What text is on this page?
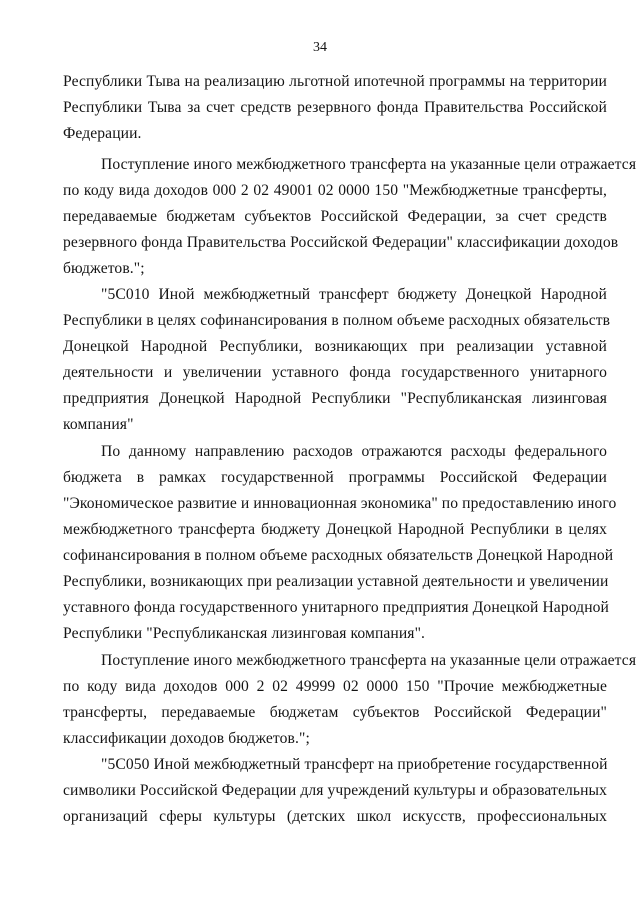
34
Республики Тыва на реализацию льготной ипотечной программы на территории
Республики Тыва за счет средств резервного фонда Правительства Российской
Федерации.
Поступление иного межбюджетного трансферта на указанные цели отражается
по коду вида доходов 000 2 02 49001 02 0000 150 "Межбюджетные трансферты,
передаваемые бюджетам субъектов Российской Федерации, за счет средств
резервного фонда Правительства Российской Федерации" классификации доходов
бюджетов.";
"5С010 Иной межбюджетный трансферт бюджету Донецкой Народной
Республики в целях софинансирования в полном объеме расходных обязательств
Донецкой Народной Республики, возникающих при реализации уставной
деятельности и увеличении уставного фонда государственного унитарного
предприятия Донецкой Народной Республики "Республиканская лизинговая
компания"
По данному направлению расходов отражаются расходы федерального
бюджета в рамках государственной программы Российской Федерации
"Экономическое развитие и инновационная экономика" по предоставлению иного
межбюджетного трансферта бюджету Донецкой Народной Республики в целях
софинансирования в полном объеме расходных обязательств Донецкой Народной
Республики, возникающих при реализации уставной деятельности и увеличении
уставного фонда государственного унитарного предприятия Донецкой Народной
Республики "Республиканская лизинговая компания".
Поступление иного межбюджетного трансферта на указанные цели отражается
по коду вида доходов 000 2 02 49999 02 0000 150 "Прочие межбюджетные
трансферты, передаваемые бюджетам субъектов Российской Федерации"
классификации доходов бюджетов.";
"5С050 Иной межбюджетный трансферт на приобретение государственной
символики Российской Федерации для учреждений культуры и образовательных
организаций сферы культуры (детских школ искусств, профессиональных
